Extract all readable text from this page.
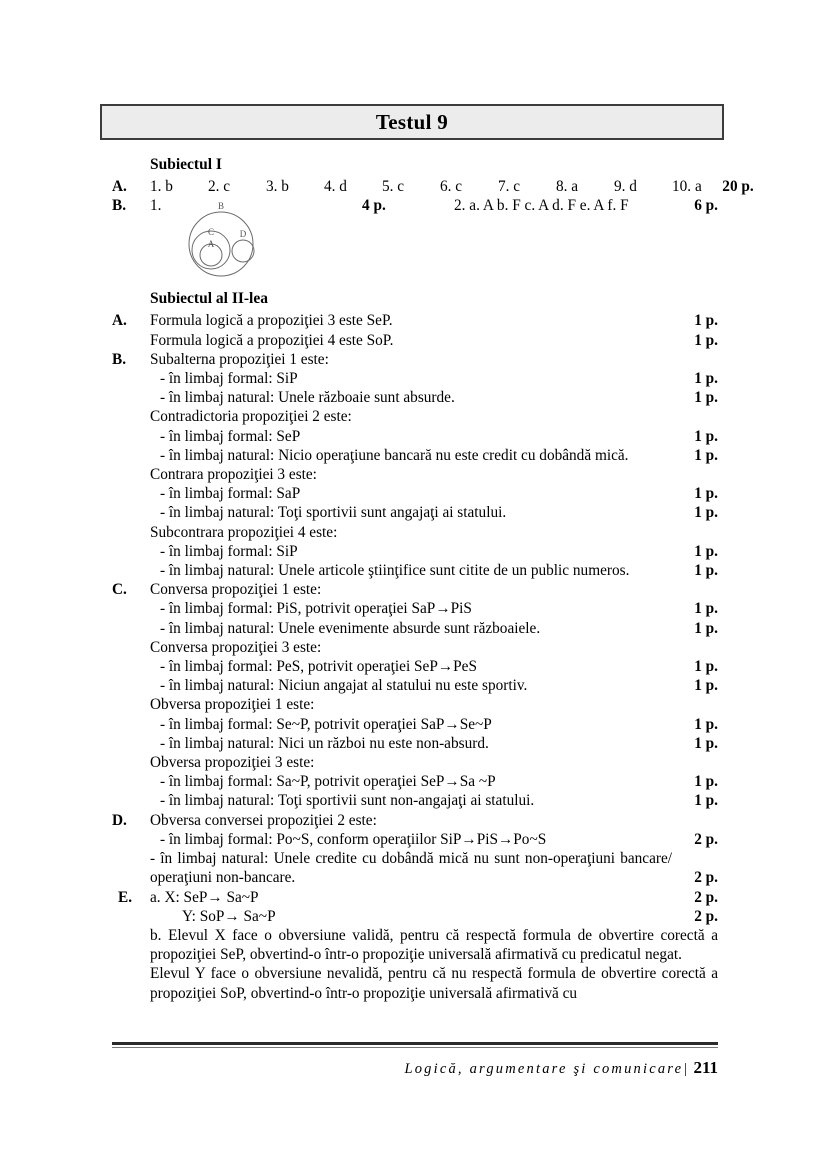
Testul 9
Subiectul I
A.	1. b	2. c	3. b	4. d	5. c	6. c	7. c	8. a	9. d	10. a	20 p.
B.	1.	4 p.	2. a. A b. F c. A d. F e. A f. F	6 p.
Subiectul al II-lea
A.	Formula logică a propoziţiei 3 este SeP.	1 p.
Formula logică a propoziţiei 4 este SoP.	1 p.
B.	Subalterna propoziţiei 1 este:
- în limbaj formal: SiP	1 p.
- în limbaj natural: Unele războaie sunt absurde.	1 p.
Contradictoria propoziţiei 2 este:
- în limbaj formal: SeP	1 p.
- în limbaj natural: Nicio operaţiune bancară nu este credit cu dobândă mică.	1 p.
Contrara propoziţiei 3 este:
- în limbaj formal: SaP	1 p.
- în limbaj natural: Toţi sportivii sunt angajaţi ai statului.	1 p.
Subcontrara propoziţiei 4 este:
- în limbaj formal: SiP	1 p.
- în limbaj natural: Unele articole ştiinţifice sunt citite de un public numeros.	1 p.
C.	Conversa propoziţiei 1 este:
- în limbaj formal: PiS, potrivit operaţiei SaP→PiS	1 p.
- în limbaj natural: Unele evenimente absurde sunt războaiele.	1 p.
Conversa propoziţiei 3 este:
- în limbaj formal: PeS, potrivit operaţiei SeP→PeS	1 p.
- în limbaj natural: Niciun angajat al statului nu este sportiv.	1 p.
Obversa propoziţiei 1 este:
- în limbaj formal: Se~P, potrivit operaţiei SaP→Se~P	1 p.
- în limbaj natural: Nici un război nu este non-absurd.	1 p.
Obversa propoziţiei 3 este:
- în limbaj formal: Sa~P, potrivit operaţiei SeP→Sa ~P	1 p.
- în limbaj natural: Toţi sportivii sunt non-angajaţi ai statului.	1 p.
D.	Obversa conversei propoziţiei 2 este:
- în limbaj formal: Po~S, conform operaţiilor SiP→PiS→Po~S	2 p.
- în limbaj natural: Unele credite cu dobândă mică nu sunt non-operaţiuni bancare/ operaţiuni non-bancare.	2 p.
E.	a. X: SeP→ Sa~P	2 p.
Y: SoP→ Sa~P	2 p.
b. Elevul X face o obversiune validă, pentru că respectă formula de obvertire corectă a propoziţiei SeP, obvertind-o într-o propoziţie universală afirmativă cu predicatul negat.
Elevul Y face o obversiune nevalidă, pentru că nu respectă formula de obvertire corectă a propoziţiei SoP, obvertind-o într-o propoziţie universală afirmativă cu
B
C
A
D
Logică, argumentare şi comunicare| 211
